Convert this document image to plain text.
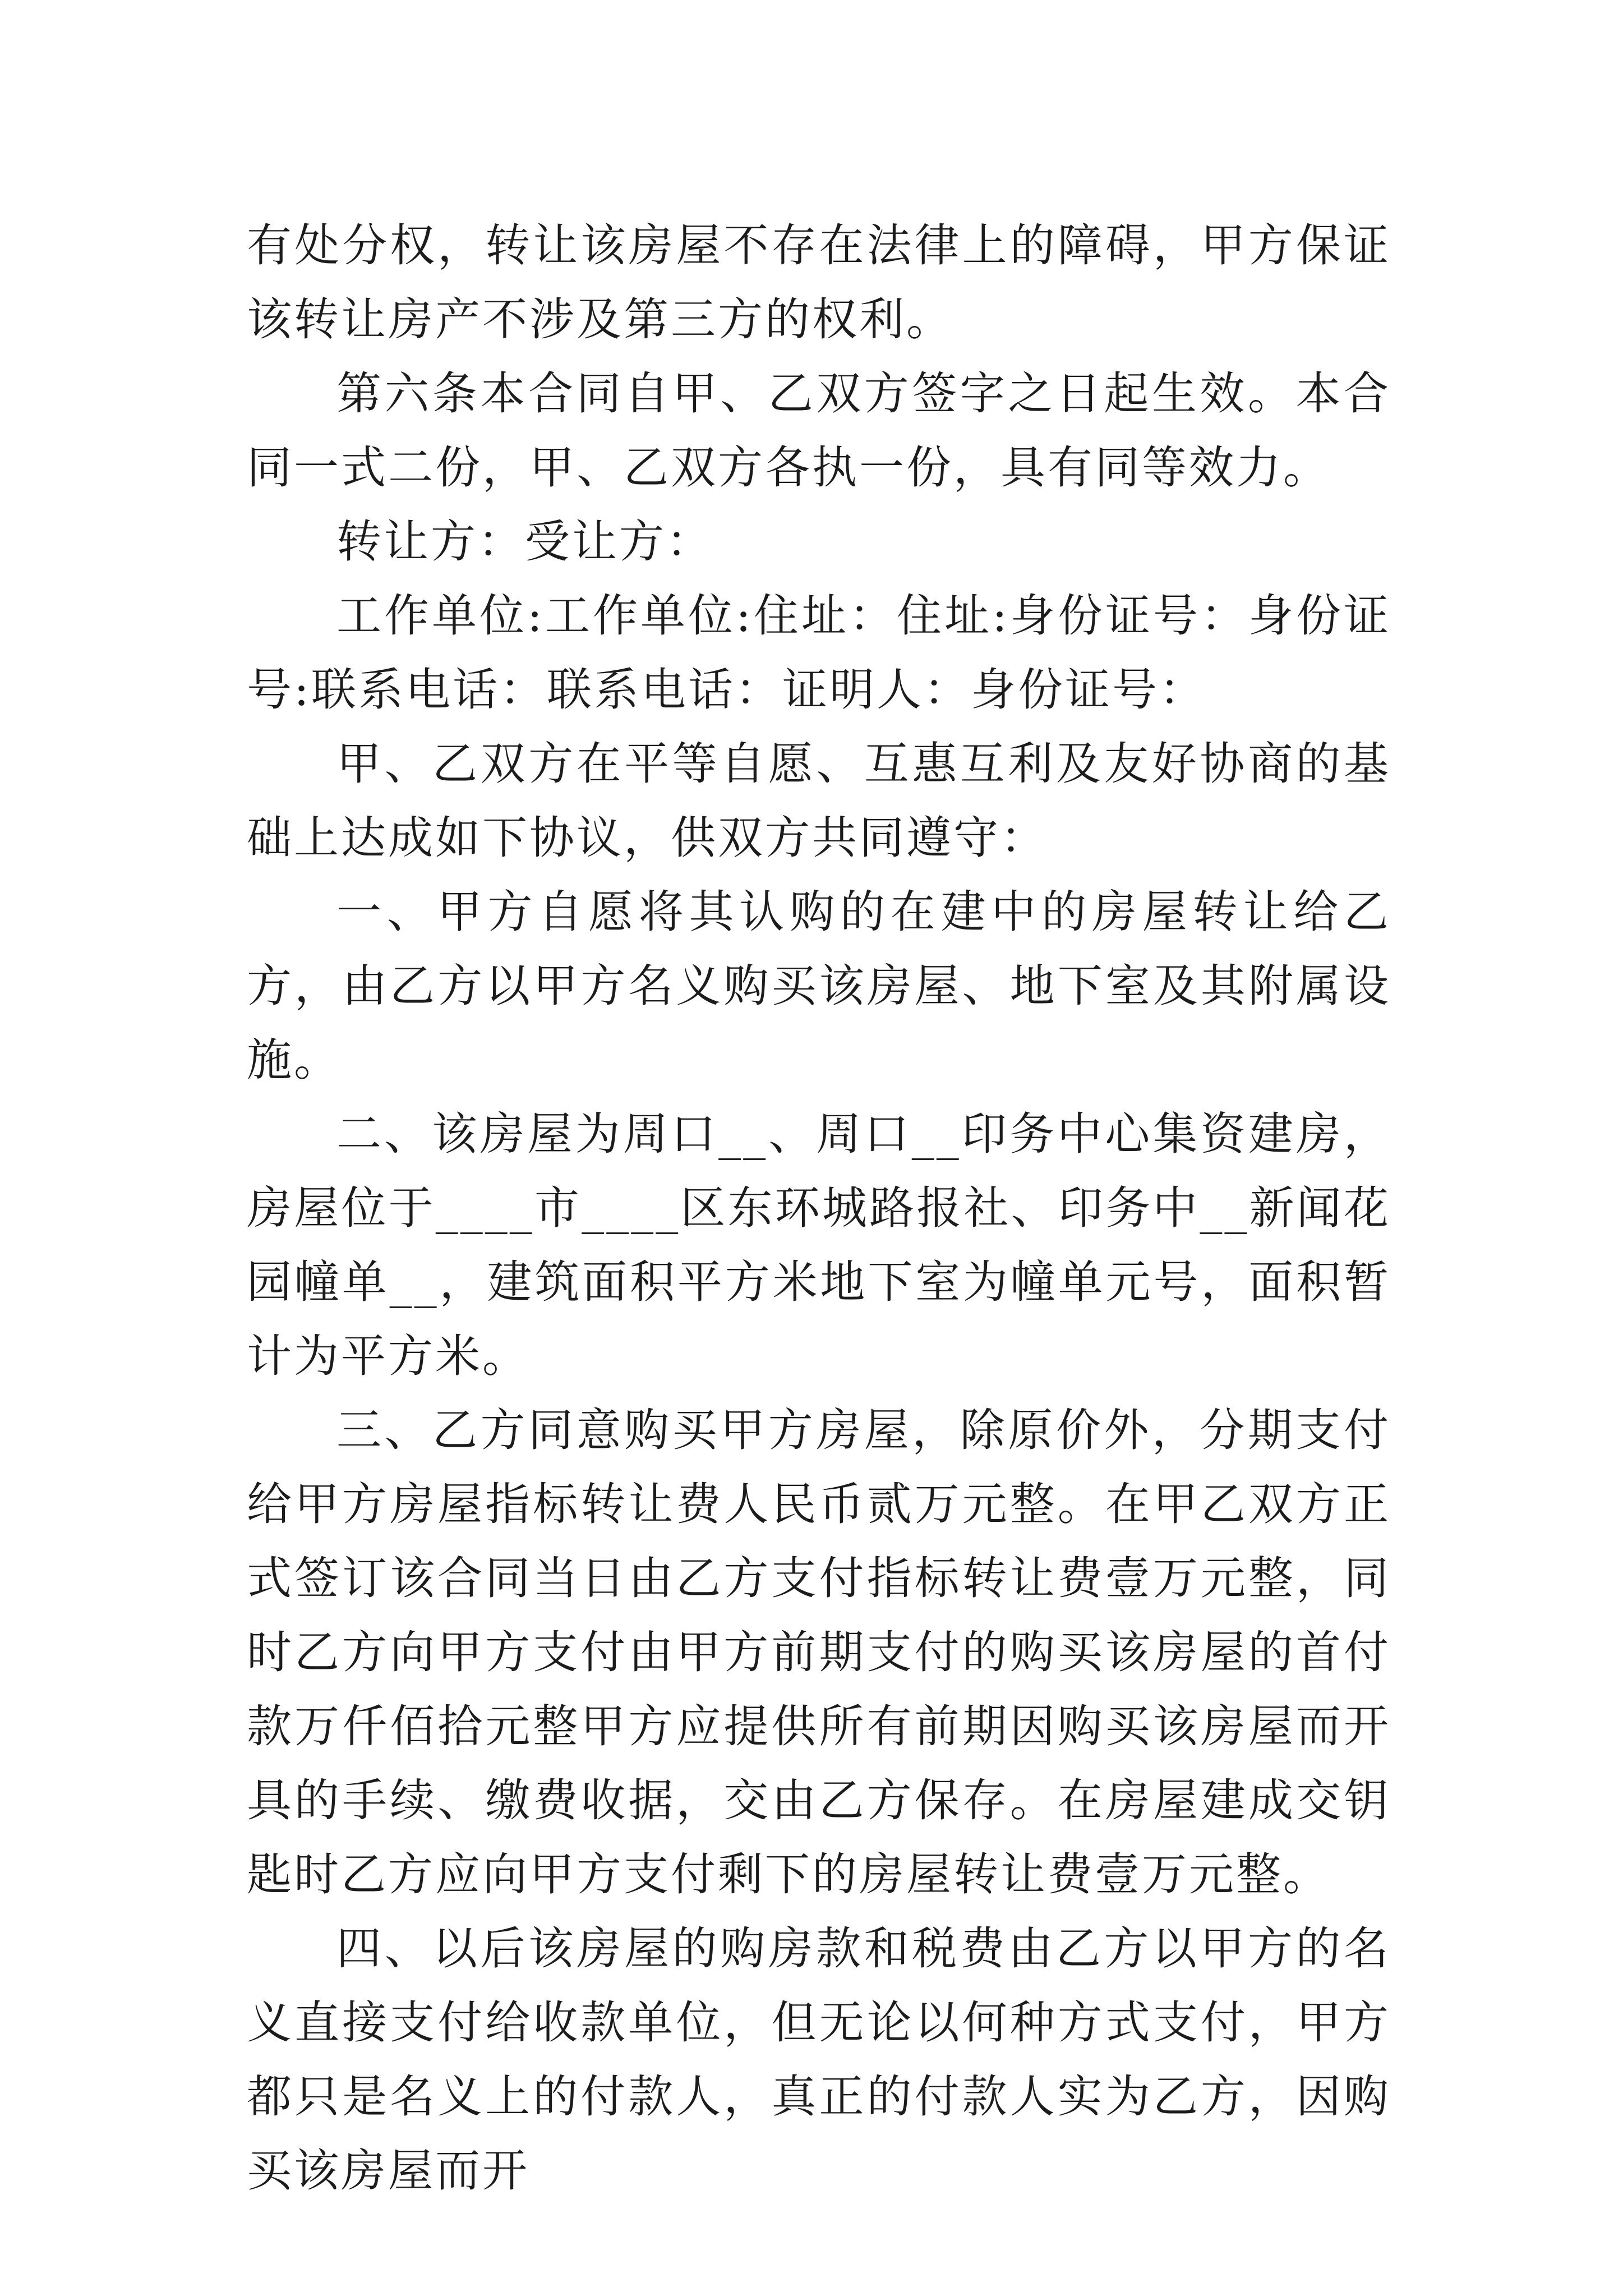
有处分权，转让该房屋不存在法律上的障碍，甲方保证该转让房产不涉及第三方的权利。

第六条本合同自甲、乙双方签字之日起生效。本合同一式二份，甲、乙双方各执一份，具有同等效力。

转让方：受让方：

工作单位:工作单位:住址：住址:身份证号：身份证号:联系电话：联系电话：证明人：身份证号：

甲、乙双方在平等自愿、互惠互利及友好协商的基础上达成如下协议，供双方共同遵守：

一、甲方自愿将其认购的在建中的房屋转让给乙方，由乙方以甲方名义购买该房屋、地下室及其附属设施。

二、该房屋为周口__、周口__印务中心集资建房，房屋位于____市____区东环城路报社、印务中__新闻花园幢单__，建筑面积平方米地下室为幢单元号，面积暂计为平方米。

三、乙方同意购买甲方房屋，除原价外，分期支付给甲方房屋指标转让费人民币贰万元整。在甲乙双方正式签订该合同当日由乙方支付指标转让费壹万元整，同时乙方向甲方支付由甲方前期支付的购买该房屋的首付款万仟佰拾元整甲方应提供所有前期因购买该房屋而开具的手续、缴费收据，交由乙方保存。在房屋建成交钥匙时乙方应向甲方支付剩下的房屋转让费壹万元整。

四、以后该房屋的购房款和税费由乙方以甲方的名义直接支付给收款单位，但无论以何种方式支付，甲方都只是名义上的付款人，真正的付款人实为乙方，因购买该房屋而开
